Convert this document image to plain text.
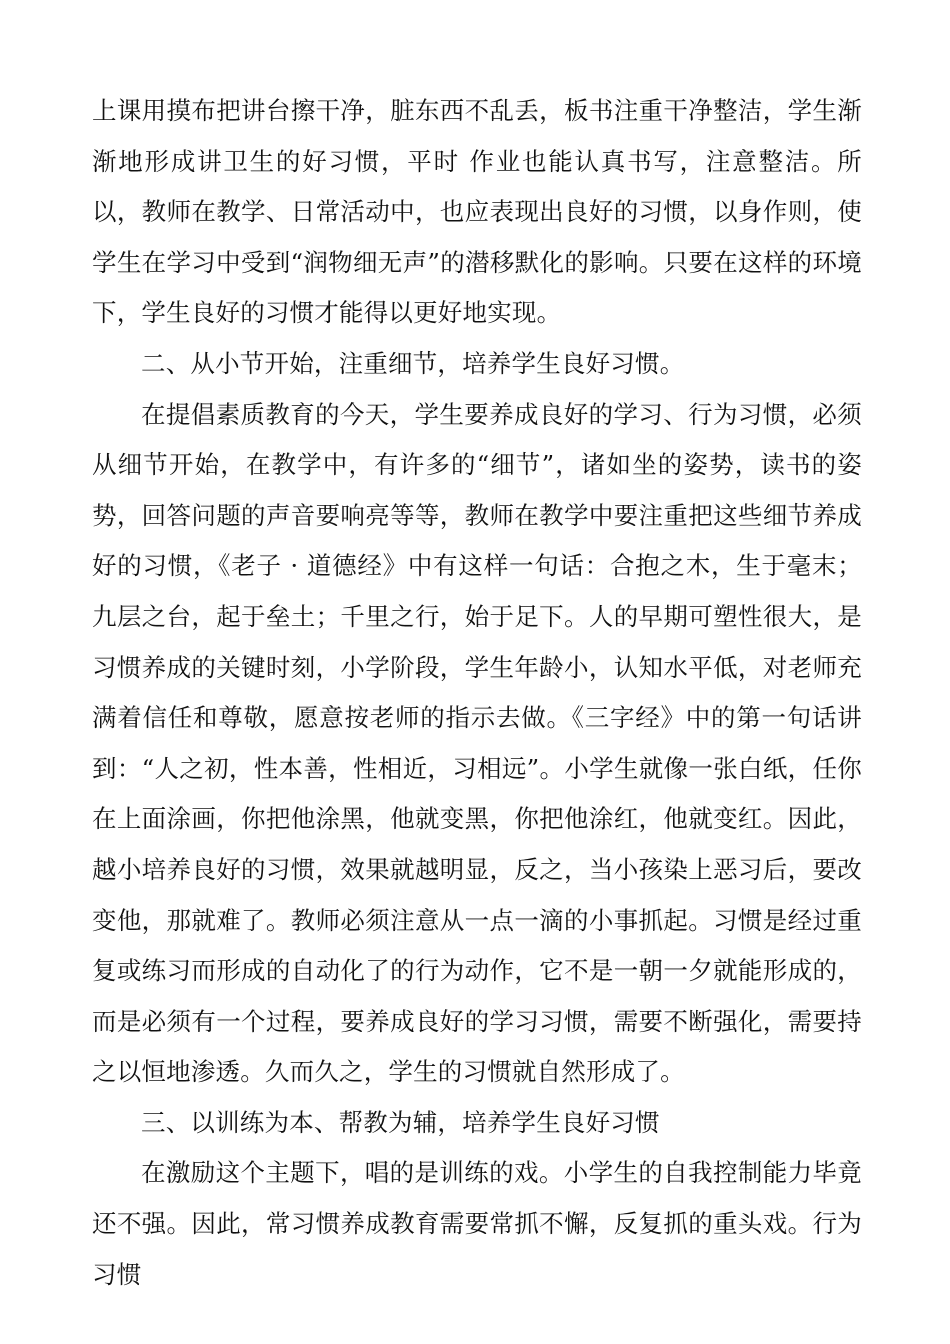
上课用摸布把讲台擦干净，脏东西不乱丢，板书注重干净整洁，学生渐渐地形成讲卫生的好习惯，平时 作业也能认真书写，注意整洁。所以，教师在教学、日常活动中，也应表现出良好的习惯，以身作则，使学生在学习中受到“润物细无声”的潜移默化的影响。只要在这样的环境下，学生良好的习惯才能得以更好地实现。

二、从小节开始，注重细节，培养学生良好习惯。

在提倡素质教育的今天，学生要养成良好的学习、行为习惯，必须从细节开始，在教学中，有许多的“细节”，诸如坐的姿势，读书的姿势，回答问题的声音要响亮等等，教师在教学中要注重把这些细节养成好的习惯，《老子 · 道德经》中有这样一句话：合抱之木，生于毫末；九层之台，起于垒土；千里之行，始于足下。人的早期可塑性很大，是习惯养成的关键时刻，小学阶段，学生年龄小，认知水平低，对老师充满着信任和尊敬，愿意按老师的指示去做。《三字经》中的第一句话讲到：“人之初，性本善，性相近，习相远”。小学生就像一张白纸，任你在上面涂画，你把他涂黑，他就变黑，你把他涂红，他就变红。因此，越小培养良好的习惯，效果就越明显，反之，当小孩染上恶习后，要改变他，那就难了。教师必须注意从一点一滴的小事抓起。习惯是经过重复或练习而形成的自动化了的行为动作，它不是一朝一夕就能形成的，而是必须有一个过程，要养成良好的学习习惯，需要不断强化，需要持之以恒地渗透。久而久之，学生的习惯就自然形成了。

三、以训练为本、帮教为辅，培养学生良好习惯

在激励这个主题下，唱的是训练的戏。小学生的自我控制能力毕竟还不强。因此，常习惯养成教育需要常抓不懈，反复抓的重头戏。行为习惯
